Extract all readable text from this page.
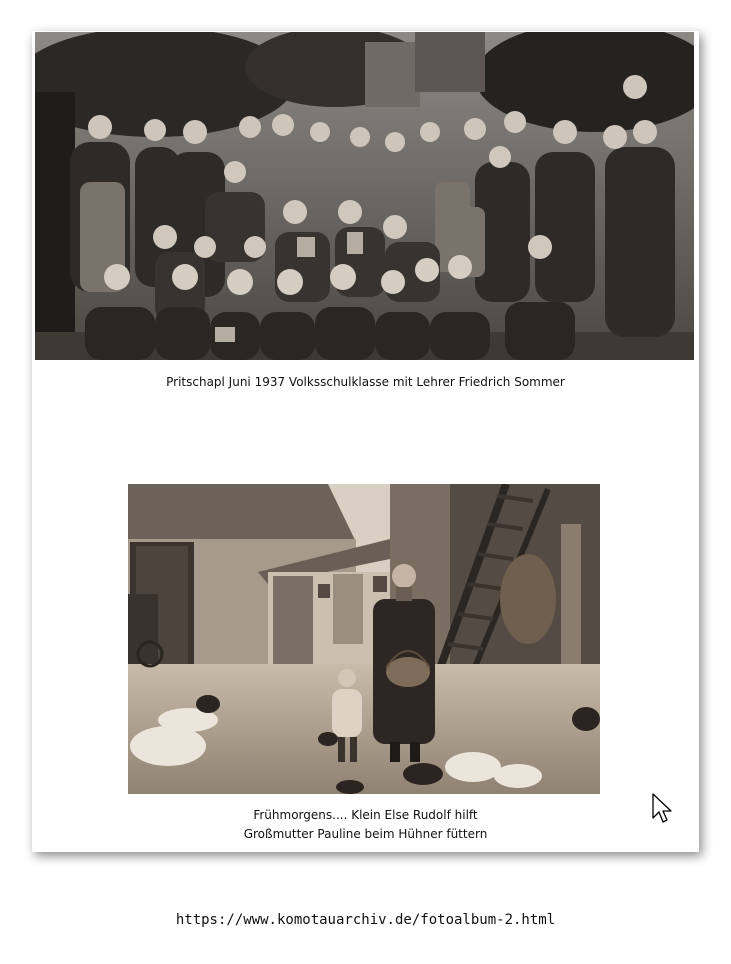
Pritschapl Juni 1937 Volksschulklasse mit Lehrer Friedrich Sommer
Frühmorgens.... Klein Else Rudolf hilft
Großmutter Pauline beim Hühner füttern
https://www.komotauarchiv.de/fotoalbum-2.html
